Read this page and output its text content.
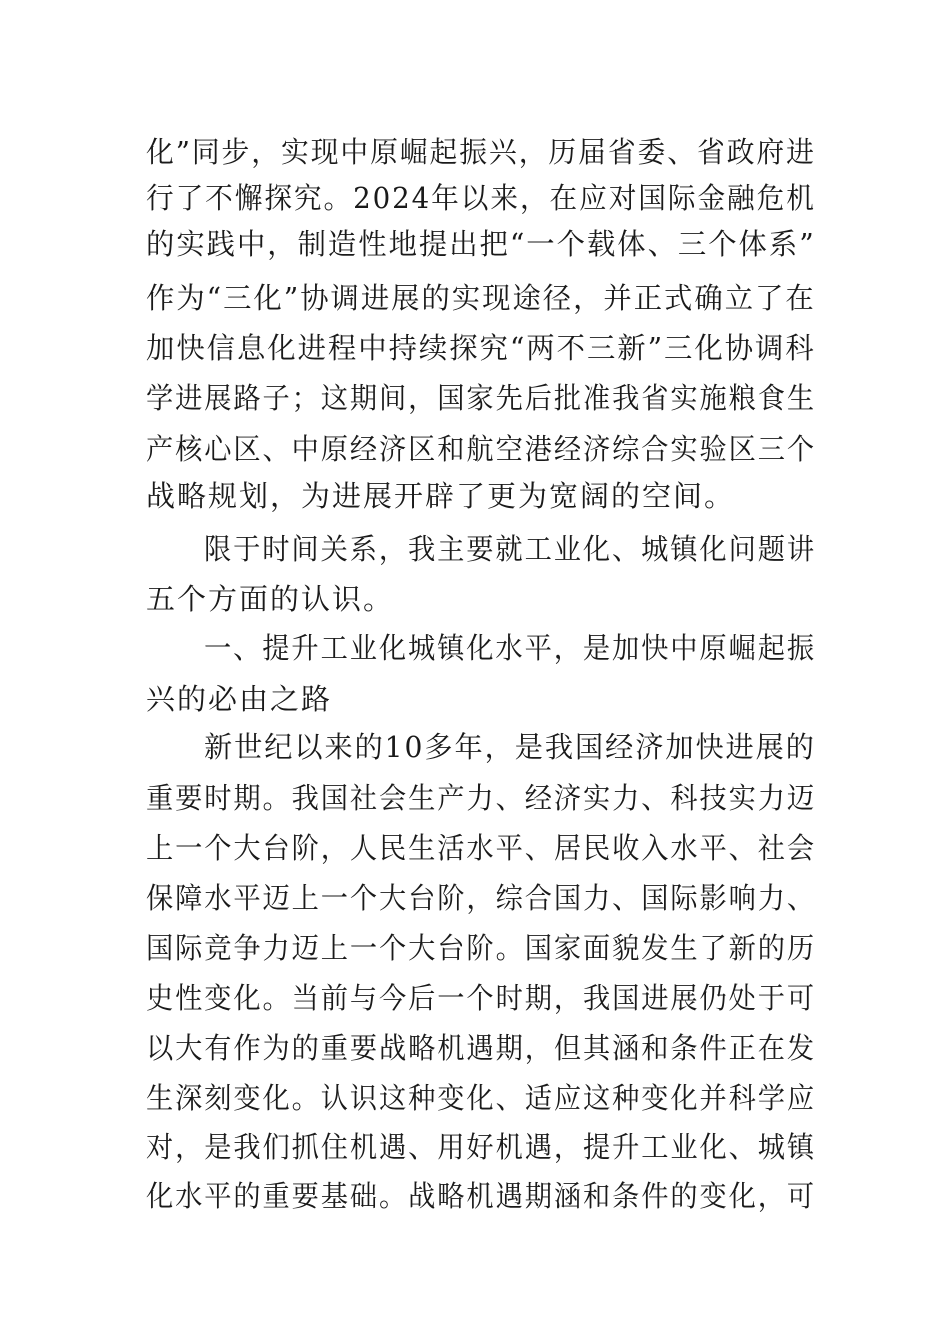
化”同步，实现中原崛起振兴，历届省委、省政府进
行了不懈探究。2024年以来，在应对国际金融危机
的实践中，制造性地提出把“一个载体、三个体系”
作为“三化”协调进展的实现途径，并正式确立了在
加快信息化进程中持续探究“两不三新”三化协调科
学进展路子；这期间，国家先后批准我省实施粮食生
产核心区、中原经济区和航空港经济综合实验区三个
战略规划，为进展开辟了更为宽阔的空间。
限于时间关系，我主要就工业化、城镇化问题讲
五个方面的认识。
一、提升工业化城镇化水平，是加快中原崛起振
兴的必由之路
新世纪以来的10多年，是我国经济加快进展的
重要时期。我国社会生产力、经济实力、科技实力迈
上一个大台阶，人民生活水平、居民收入水平、社会
保障水平迈上一个大台阶，综合国力、国际影响力、
国际竞争力迈上一个大台阶。国家面貌发生了新的历
史性变化。当前与今后一个时期，我国进展仍处于可
以大有作为的重要战略机遇期，但其涵和条件正在发
生深刻变化。认识这种变化、适应这种变化并科学应
对，是我们抓住机遇、用好机遇，提升工业化、城镇
化水平的重要基础。战略机遇期涵和条件的变化，可
